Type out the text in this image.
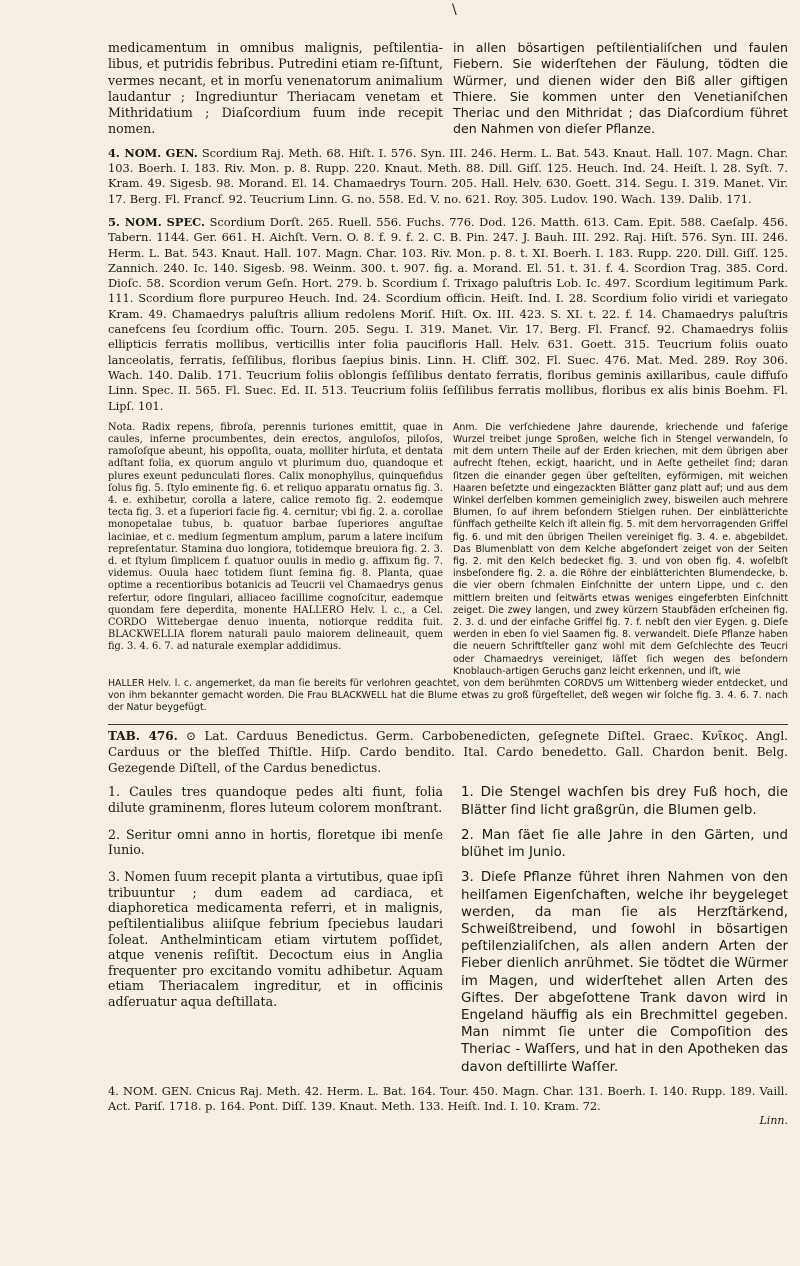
\

medicamentum in omnibus malignis, peſtilentia-libus, et putridis febribus. Putredini etiam re-ſiſtunt, vermes necant, et in morſu venenatorum animalium laudantur ; Ingrediuntur Theriacam venetam et Mithridatium ; Diaſcordium fuum inde recepit nomen.

in allen bösartigen peſtilentialiſchen und faulen Fiebern. Sie widerſtehen der Fäulung, tödten die Würmer, und dienen wider den Biß aller giftigen Thiere. Sie kommen unter den Venetianiſchen Theriac und den Mithridat ; das Diaſcordium führet den Nahmen von dieſer Pflanze.

4. NOM. GEN. Scordium Raj. Meth. 68. Hiſt. I. 576. Syn. III. 246. Herm. L. Bat. 543. Knaut. Hall. 107. Magn. Char. 103. Boerh. I. 183. Riv. Mon. p. 8. Rupp. 220. Knaut. Meth. 88. Dill. Giſſ. 125. Heuch. Ind. 24. Heiſt. l. 28. Syſt. 7. Kram. 49. Sigesb. 98. Morand. El. 14. Chamaedrys Tourn. 205. Hall. Helv. 630. Goett. 314. Segu. I. 319. Manet. Vir. 17. Berg. Fl. Francf. 92. Teucrium Linn. G. no. 558. Ed. V. no. 621. Roy. 305. Ludov. 190. Wach. 139. Dalib. 171.

5. NOM. SPEC. Scordium Dorſt. 265. Ruell. 556. Fuchs. 776. Dod. 126. Matth. 613. Cam. Epit. 588. Caeſalp. 456. Tabern. 1144. Ger. 661. H. Aichſt. Vern. O. 8. f. 9. f. 2. C. B. Pin. 247. J. Bauh. III. 292. Raj. Hiſt. 576. Syn. III. 246. Herm. L. Bat. 543. Knaut. Hall. 107. Magn. Char. 103. Riv. Mon. p. 8. t. XI. Boerh. I. 183. Rupp. 220. Dill. Giſſ. 125. Zannich. 240. Ic. 140. Sigesb. 98. Weinm. 300. t. 907. fig. a. Morand. El. 51. t. 31. f. 4. Scordion Trag. 385. Cord. Dioſc. 58. Scordion verum Geſn. Hort. 279. b. Scordium ſ. Trixago paluſtris Lob. Ic. 497. Scordium legitimum Park. 111. Scordium flore purpureo Heuch. Ind. 24. Scordium officin. Heiſt. Ind. I. 28. Scordium folio viridi et variegato Kram. 49. Chamaedrys paluſtris allium redolens Moriſ. Hiſt. Ox. III. 423. S. XI. t. 22. f. 14. Chamaedrys paluſtris canefcens ſeu ſcordium offic. Tourn. 205. Segu. I. 319. Manet. Vir. 17. Berg. Fl. Francf. 92. Chamaedrys foliis ellipticis ferratis mollibus, verticillis inter folia paucifloris Hall. Helv. 631. Goett. 315. Teucrium foliis ouato lanceolatis, ferratis, ſeſſilibus, floribus ſaepius binis. Linn. H. Cliff. 302. Fl. Suec. 476. Mat. Med. 289. Roy 306. Wach. 140. Dalib. 171. Teucrium foliis oblongis ſeſſilibus dentato ferratis, floribus geminis axillaribus, caule diffuſo Linn. Spec. II. 565. Fl. Suec. Ed. II. 513. Teucrium foliis ſeſſilibus ferratis mollibus, floribus ex alis binis Boehm. Fl. Lipſ. 101.

Nota. Radix repens, fibroſa, perennis turiones emittit, quae in caules, inferne procumbentes, dein erectos, anguloſos, piloſos, ramoſoſque abeunt, his oppoſita, ouata, molliter hirſuta, et dentata adſtant folia, ex quorum angulo vt plurimum duo, quandoque et plures exeunt pedunculati flores. Calix monophyllus, quinquefidus ſolus fig. 5. ſtylo eminente fig. 6. et reliquo apparatu ornatus fig. 3. 4. e. exhibetur, corolla a latere, calice remoto fig. 2. eodemque tecta fig. 3. et a ſuperiori facie fig. 4. cernitur; vbi fig. 2. a. corollae monopetalae tubus, b. quatuor barbae ſuperiores anguſtae laciniae, et c. medium ſegmentum amplum, parum a latere inciſum repreſentatur. Stamina duo longiora, totidemque breuiora fig. 2. 3. d. et ſtylum ſimplicem f. quatuor ouulis in medio g. affixum fig. 7. videmus. Ouula haec totidem ſiunt ſemina fig. 8. Planta, quae optime a recentioribus botanicis ad Teucrii vel Chamaedrys genus refertur, odore ſingulari, alliaceo facillime cognoſcitur, eademque quondam fere deperdita, monente HALLERO Helv. l. c., a Cel. CORDO Wittebergae denuo inuenta, notiorque reddita fuit. BLACKWELLIA florem naturali paulo maiorem delineauit, quem fig. 3. 4. 6. 7. ad naturale exemplar addidimus.

Anm. Die verſchiedene Jahre daurende, kriechende und faſerige Wurzel treibet junge Sproßen, welche ſich in Stengel verwandeln, ſo mit dem untern Theile auf der Erden kriechen, mit dem übrigen aber aufrecht ſtehen, eckigt, haaricht, und in Aeſte getheilet ſind; daran ſitzen die einander gegen über geſtellten, eyförmigen, mit weichen Haaren beſetzte und eingezackten Blätter ganz platt auf; und aus dem Winkel derſelben kommen gemeiniglich zwey, bisweilen auch mehrere Blumen, ſo auf ihrem beſondern Stielgen ruhen. Der einblätterichte fünffach getheilte Kelch iſt allein fig. 5. mit dem hervorragenden Griffel fig. 6. und mit den übrigen Theilen vereiniget fig. 3. 4. e. abgebildet. Das Blumenblatt von dem Kelche abgeſondert zeiget von der Seiten fig. 2. mit den Kelch bedecket fig. 3. und von oben fig. 4. woſelbſt insbeſondere fig. 2. a. die Röhre der einblätterichten Blumendecke, b. die vier obern ſchmalen Einſchnitte der untern Lippe, und c. den mittlern breiten und ſeitwärts etwas weniges eingeferbten Einſchnitt zeiget. Die zwey langen, und zwey kürzern Staubfäden erſcheinen fig. 2. 3. d. und der einfache Griffel fig. 7. f. nebſt den vier Eygen. g. Dieſe werden in eben ſo viel Saamen fig. 8. verwandelt. Dieſe Pflanze haben die neuern Schriftſteller ganz wohl mit dem Geſchlechte des Teucri oder Chamaedrys vereiniget, läſſet ſich wegen des beſondern Knoblauch-artigen Geruchs ganz leicht erkennen, und iſt, wie

HALLER Helv. l. c. angemerket, da man ſie bereits für verlohren geachtet, von dem berühmten CORDVS um Wittenberg wieder entdecket, und von ihm bekannter gemacht worden. Die Frau BLACKWELL hat die Blume etwas zu groß fürgeſtellet, deß wegen wir ſolche fig. 3. 4. 6. 7. nach der Natur beygefügt.

TAB. 476. ⊙ Lat. Carduus Benedictus. Germ. Carbobenedicten, geſegnete Diſtel. Graec. Κνῖκος. Angl. Carduus or the bleſſed Thiſtle. Hiſp. Cardo bendito. Ital. Cardo benedetto. Gall. Chardon benit. Belg. Gezegende Diſtell, of the Cardus benedictus.

1. Caules tres quandoque pedes alti fiunt, folia dilute graminenm, flores luteum colorem monſtrant.

1. Die Stengel wachſen bis drey Fuß hoch, die Blätter ſind licht graßgrün, die Blumen gelb.

2. Seritur omni anno in hortis, floretque ibi menſe Iunio.

2. Man ſäet ſie alle Jahre in den Gärten, und blühet im Junio.

3. Nomen ſuum recepit planta a virtutibus, quae ipſi tribuuntur ; dum eadem ad cardiaca, et diaphoretica medicamenta referri, et in malignis, peſtilentialibus aliiſque febrium ſpeciebus laudari ſoleat. Anthelminticam etiam virtutem poſſidet, atque venenis reſiſtit. Decoctum eius in Anglia frequenter pro excitando vomitu adhibetur. Aquam etiam Theriacalem ingreditur, et in officinis adſeruatur aqua deſtillata.

3. Dieſe Pflanze führet ihren Nahmen von den heilſamen Eigenſchaften, welche ihr beygeleget werden, da man ſie als Herzſtärkend, Schweißtreibend, und ſowohl in bösartigen peſtilenzialiſchen, als allen andern Arten der Fieber dienlich anrühmet. Sie tödtet die Würmer im Magen, und widerſtehet allen Arten des Giftes. Der abgeſottene Trank davon wird in Engeland häuffig als ein Brechmittel gegeben. Man nimmt ſie unter die Compoſition des Theriac - Waſſers, und hat in den Apotheken das davon deſtillirte Waſſer.

4. NOM. GEN. Cnicus Raj. Meth. 42. Herm. L. Bat. 164. Tour. 450. Magn. Char. 131. Boerh. I. 140. Rupp. 189. Vaill. Act. Pariſ. 1718. p. 164. Pont. Diſſ. 139. Knaut. Meth. 133. Heiſt. Ind. I. 10. Kram. 72.

Linn.
